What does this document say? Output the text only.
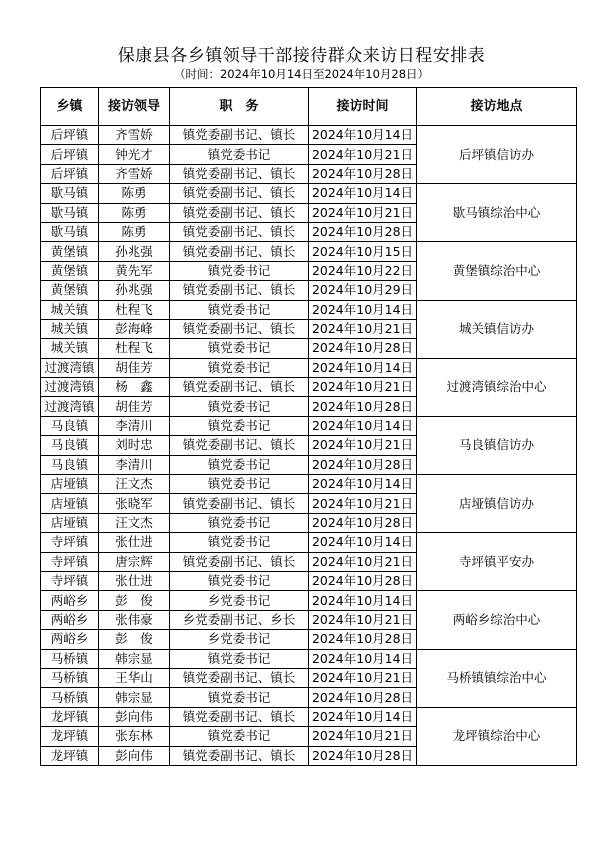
保康县各乡镇领导干部接待群众来访日程安排表
（时间：2024年10月14日至2024年10月28日）
乡镇	接访领导	职　务	接访时间	接访地点
后坪镇	齐雪娇	镇党委副书记、镇长	2024年10月14日	后坪镇信访办
后坪镇	钟光才	镇党委书记	2024年10月21日	
后坪镇	齐雪娇	镇党委副书记、镇长	2024年10月28日	
歇马镇	陈勇	镇党委副书记、镇长	2024年10月14日	歇马镇综治中心
歇马镇	陈勇	镇党委副书记、镇长	2024年10月21日	
歇马镇	陈勇	镇党委副书记、镇长	2024年10月28日	
黄堡镇	孙兆强	镇党委副书记、镇长	2024年10月15日	黄堡镇综治中心
黄堡镇	黄先军	镇党委书记	2024年10月22日	
黄堡镇	孙兆强	镇党委副书记、镇长	2024年10月29日	
城关镇	杜程飞	镇党委书记	2024年10月14日	城关镇信访办
城关镇	彭海峰	镇党委副书记、镇长	2024年10月21日	
城关镇	杜程飞	镇党委书记	2024年10月28日	
过渡湾镇	胡佳芳	镇党委书记	2024年10月14日	过渡湾镇综治中心
过渡湾镇	杨　鑫	镇党委副书记、镇长	2024年10月21日	
过渡湾镇	胡佳芳	镇党委书记	2024年10月28日	
马良镇	李清川	镇党委书记	2024年10月14日	马良镇信访办
马良镇	刘时忠	镇党委副书记、镇长	2024年10月21日	
马良镇	李清川	镇党委书记	2024年10月28日	
店垭镇	汪文杰	镇党委书记	2024年10月14日	店垭镇信访办
店垭镇	张晓军	镇党委副书记、镇长	2024年10月21日	
店垭镇	汪文杰	镇党委书记	2024年10月28日	
寺坪镇	张仕进	镇党委书记	2024年10月14日	寺坪镇平安办
寺坪镇	唐宗辉	镇党委副书记、镇长	2024年10月21日	
寺坪镇	张仕进	镇党委书记	2024年10月28日	
两峪乡	彭　俊	乡党委书记	2024年10月14日	两峪乡综治中心
两峪乡	张伟豪	乡党委副书记、乡长	2024年10月21日	
两峪乡	彭　俊	乡党委书记	2024年10月28日	
马桥镇	韩宗显	镇党委书记	2024年10月14日	马桥镇镇综治中心
马桥镇	王华山	镇党委副书记、镇长	2024年10月21日	
马桥镇	韩宗显	镇党委书记	2024年10月28日	
龙坪镇	彭向伟	镇党委副书记、镇长	2024年10月14日	龙坪镇综治中心
龙坪镇	张东林	镇党委书记	2024年10月21日	
龙坪镇	彭向伟	镇党委副书记、镇长	2024年10月28日	
